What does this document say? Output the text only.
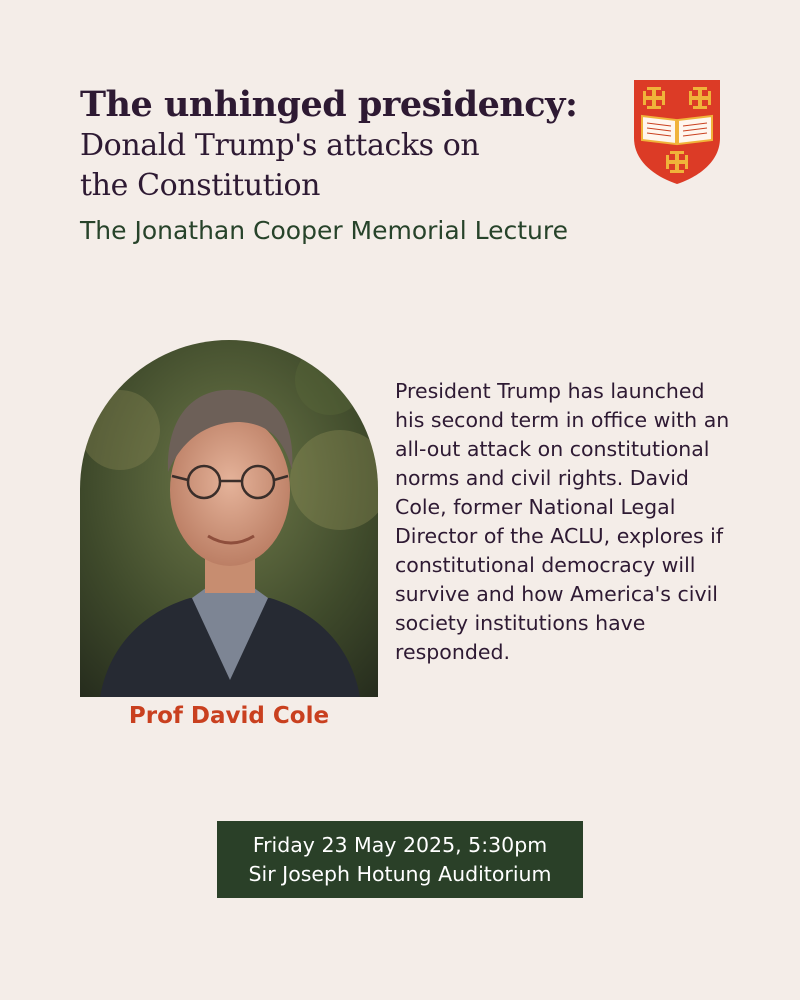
The unhinged presidency:
Donald Trump's attacks on
the Constitution
The Jonathan Cooper Memorial Lecture
Prof David Cole
President Trump has launched his second term in office with an all-out attack on constitutional norms and civil rights. David Cole, former National Legal Director of the ACLU, explores if constitutional democracy will survive and how America's civil society institutions have responded.
Friday 23 May 2025, 5:30pm
Sir Joseph Hotung Auditorium
